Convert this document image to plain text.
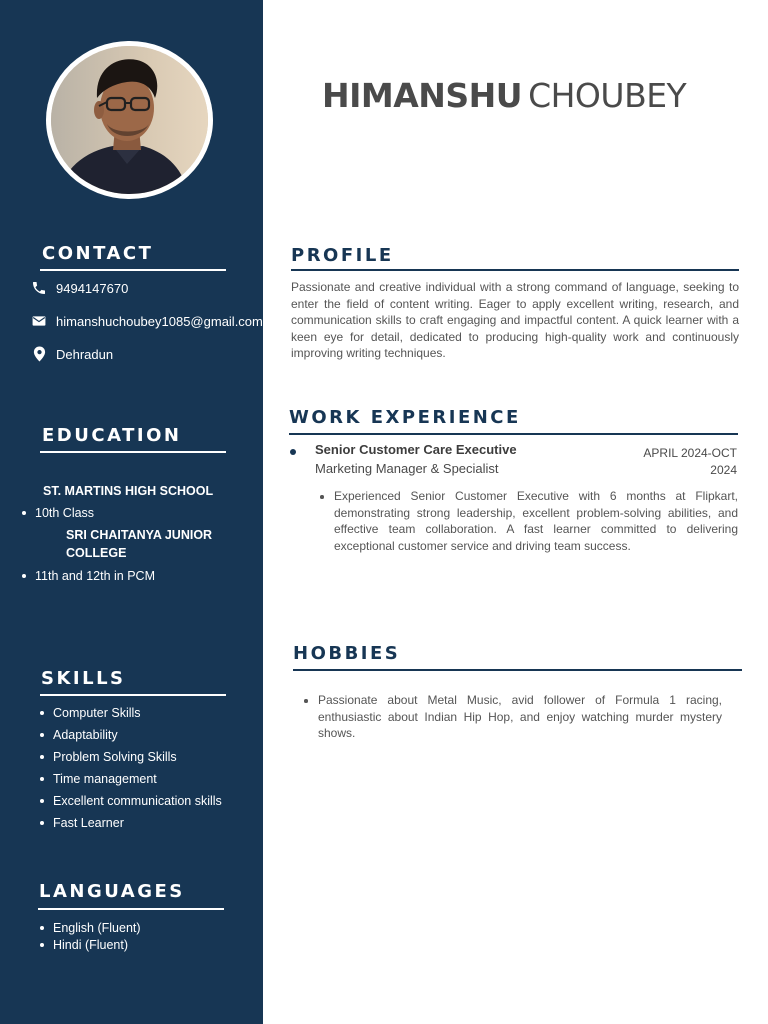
CONTACT
9494147670
himanshuchoubey1085@gmail.com
Dehradun
EDUCATION
ST. MARTINS HIGH SCHOOL
10th Class
SRI CHAITANYA JUNIOR
COLLEGE
11th and 12th in PCM
SKILLS
Computer Skills
Adaptability
Problem Solving Skills
Time management
Excellent communication skills
Fast Learner
LANGUAGES
English (Fluent)
Hindi (Fluent)
HIMANSHU CHOUBEY
PROFILE
Passionate and creative individual with a strong command of language, seeking to enter the field of content writing. Eager to apply excellent writing, research, and communication skills to craft engaging and impactful content. A quick learner with a keen eye for detail, dedicated to producing high-quality work and continuously improving writing techniques.
WORK EXPERIENCE
Senior Customer Care Executive
Marketing Manager & Specialist
APRIL 2024-OCT
2024
Experienced Senior Customer Executive with 6 months at Flipkart, demonstrating strong leadership, excellent problem-solving abilities, and effective team collaboration. A fast learner committed to delivering exceptional customer service and driving team success.
HOBBIES
Passionate about Metal Music, avid follower of Formula 1 racing, enthusiastic about Indian Hip Hop, and enjoy watching murder mystery shows.
